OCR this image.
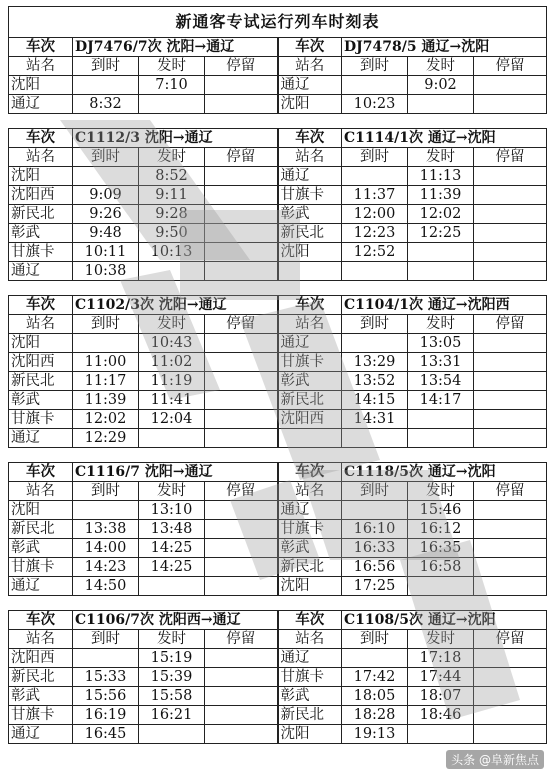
新通客专试运行列车时刻表							
车次	DJ7476/7次 沈阳→通辽			车次	DJ7478/5 通辽→沈阳		
站名	到时	发时	停留	站名	到时	发时	停留
沈阳		7:10		通辽		9:02	
通辽	8:32			沈阳	10:23		

车次	C1112/3 沈阳→通辽			车次	C1114/1次 通辽→沈阳		
站名	到时	发时	停留	站名	到时	发时	停留
沈阳		8:52		通辽		11:13	
沈阳西	9:09	9:11		甘旗卡	11:37	11:39	
新民北	9:26	9:28		彰武	12:00	12:02	
彰武	9:48	9:50		新民北	12:23	12:25	
甘旗卡	10:11	10:13		沈阳	12:52		
通辽	10:38						

车次	C1102/3次 沈阳→通辽			车次	C1104/1次 通辽→沈阳西		
站名	到时	发时	停留	站名	到时	发时	停留
沈阳		10:43		通辽		13:05	
沈阳西	11:00	11:02		甘旗卡	13:29	13:31	
新民北	11:17	11:19		彰武	13:52	13:54	
彰武	11:39	11:41		新民北	14:15	14:17	
甘旗卡	12:02	12:04		沈阳西	14:31		
通辽	12:29						

车次	C1116/7 沈阳→通辽			车次	C1118/5次 通辽→沈阳		
站名	到时	发时	停留	站名	到时	发时	停留
沈阳		13:10		通辽		15:46	
新民北	13:38	13:48		甘旗卡	16:10	16:12	
彰武	14:00	14:25		彰武	16:33	16:35	
甘旗卡	14:23	14:25		新民北	16:56	16:58	
通辽	14:50			沈阳	17:25		

车次	C1106/7次 沈阳西→通辽			车次	C1108/5次 通辽→沈阳		
站名	到时	发时	停留	站名	到时	发时	停留
沈阳西		15:19		通辽		17:18	
新民北	15:33	15:39		甘旗卡	17:42	17:44	
彰武	15:56	15:58		彰武	18:05	18:07	
甘旗卡	16:19	16:21		新民北	18:28	18:46	
通辽	16:45			沈阳	19:13		
头条 @阜新焦点
